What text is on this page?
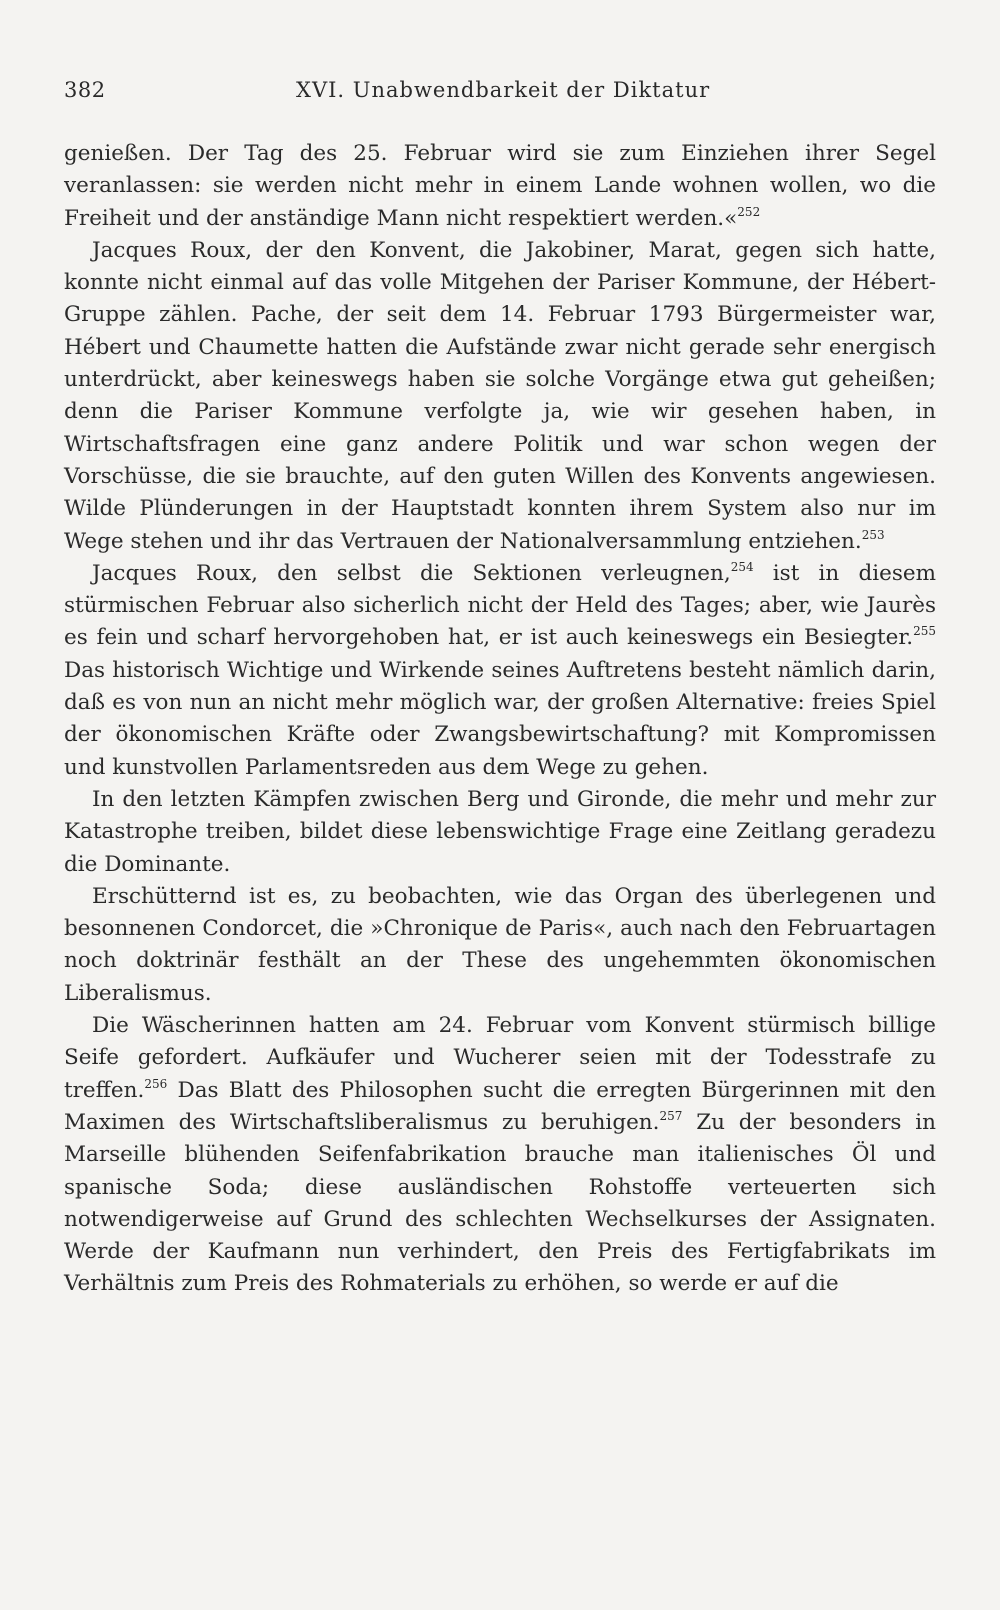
382	XVI. Unabwendbarkeit der Diktatur

genießen. Der Tag des 25. Februar wird sie zum Einziehen ihrer Segel veranlassen: sie werden nicht mehr in einem Lande wohnen wollen, wo die Freiheit und der anständige Mann nicht respektiert werden.«$^{252}$

Jacques Roux, der den Konvent, die Jakobiner, Marat, gegen sich hatte, konnte nicht einmal auf das volle Mitgehen der Pariser Kommune, der Hébert-Gruppe zählen. Pache, der seit dem 14. Februar 1793 Bürgermeister war, Hébert und Chaumette hatten die Aufstände zwar nicht gerade sehr energisch unterdrückt, aber keineswegs haben sie solche Vorgänge etwa gut geheißen; denn die Pariser Kommune verfolgte ja, wie wir gesehen haben, in Wirtschaftsfragen eine ganz andere Politik und war schon wegen der Vorschüsse, die sie brauchte, auf den guten Willen des Konvents angewiesen. Wilde Plünderungen in der Hauptstadt konnten ihrem System also nur im Wege stehen und ihr das Vertrauen der Nationalversammlung entziehen.$^{253}$

Jacques Roux, den selbst die Sektionen verleugnen,$^{254}$ ist in diesem stürmischen Februar also sicherlich nicht der Held des Tages; aber, wie Jaurès es fein und scharf hervorgehoben hat, er ist auch keineswegs ein Besiegter.$^{255}$ Das historisch Wichtige und Wirkende seines Auftretens besteht nämlich darin, daß es von nun an nicht mehr möglich war, der großen Alternative: freies Spiel der ökonomischen Kräfte oder Zwangsbewirtschaftung? mit Kompromissen und kunstvollen Parlamentsreden aus dem Wege zu gehen.

In den letzten Kämpfen zwischen Berg und Gironde, die mehr und mehr zur Katastrophe treiben, bildet diese lebenswichtige Frage eine Zeitlang geradezu die Dominante.

Erschütternd ist es, zu beobachten, wie das Organ des überlegenen und besonnenen Condorcet, die »Chronique de Paris«, auch nach den Februartagen noch doktrinär festhält an der These des ungehemmten ökonomischen Liberalismus.

Die Wäscherinnen hatten am 24. Februar vom Konvent stürmisch billige Seife gefordert. Aufkäufer und Wucherer seien mit der Todesstrafe zu treffen.$^{256}$ Das Blatt des Philosophen sucht die erregten Bürgerinnen mit den Maximen des Wirtschaftsliberalismus zu beruhigen.$^{257}$ Zu der besonders in Marseille blühenden Seifenfabrikation brauche man italienisches Öl und spanische Soda; diese ausländischen Rohstoffe verteuerten sich notwendigerweise auf Grund des schlechten Wechselkurses der Assignaten. Werde der Kaufmann nun verhindert, den Preis des Fertigfabrikats im Verhältnis zum Preis des Rohmaterials zu erhöhen, so werde er auf die
